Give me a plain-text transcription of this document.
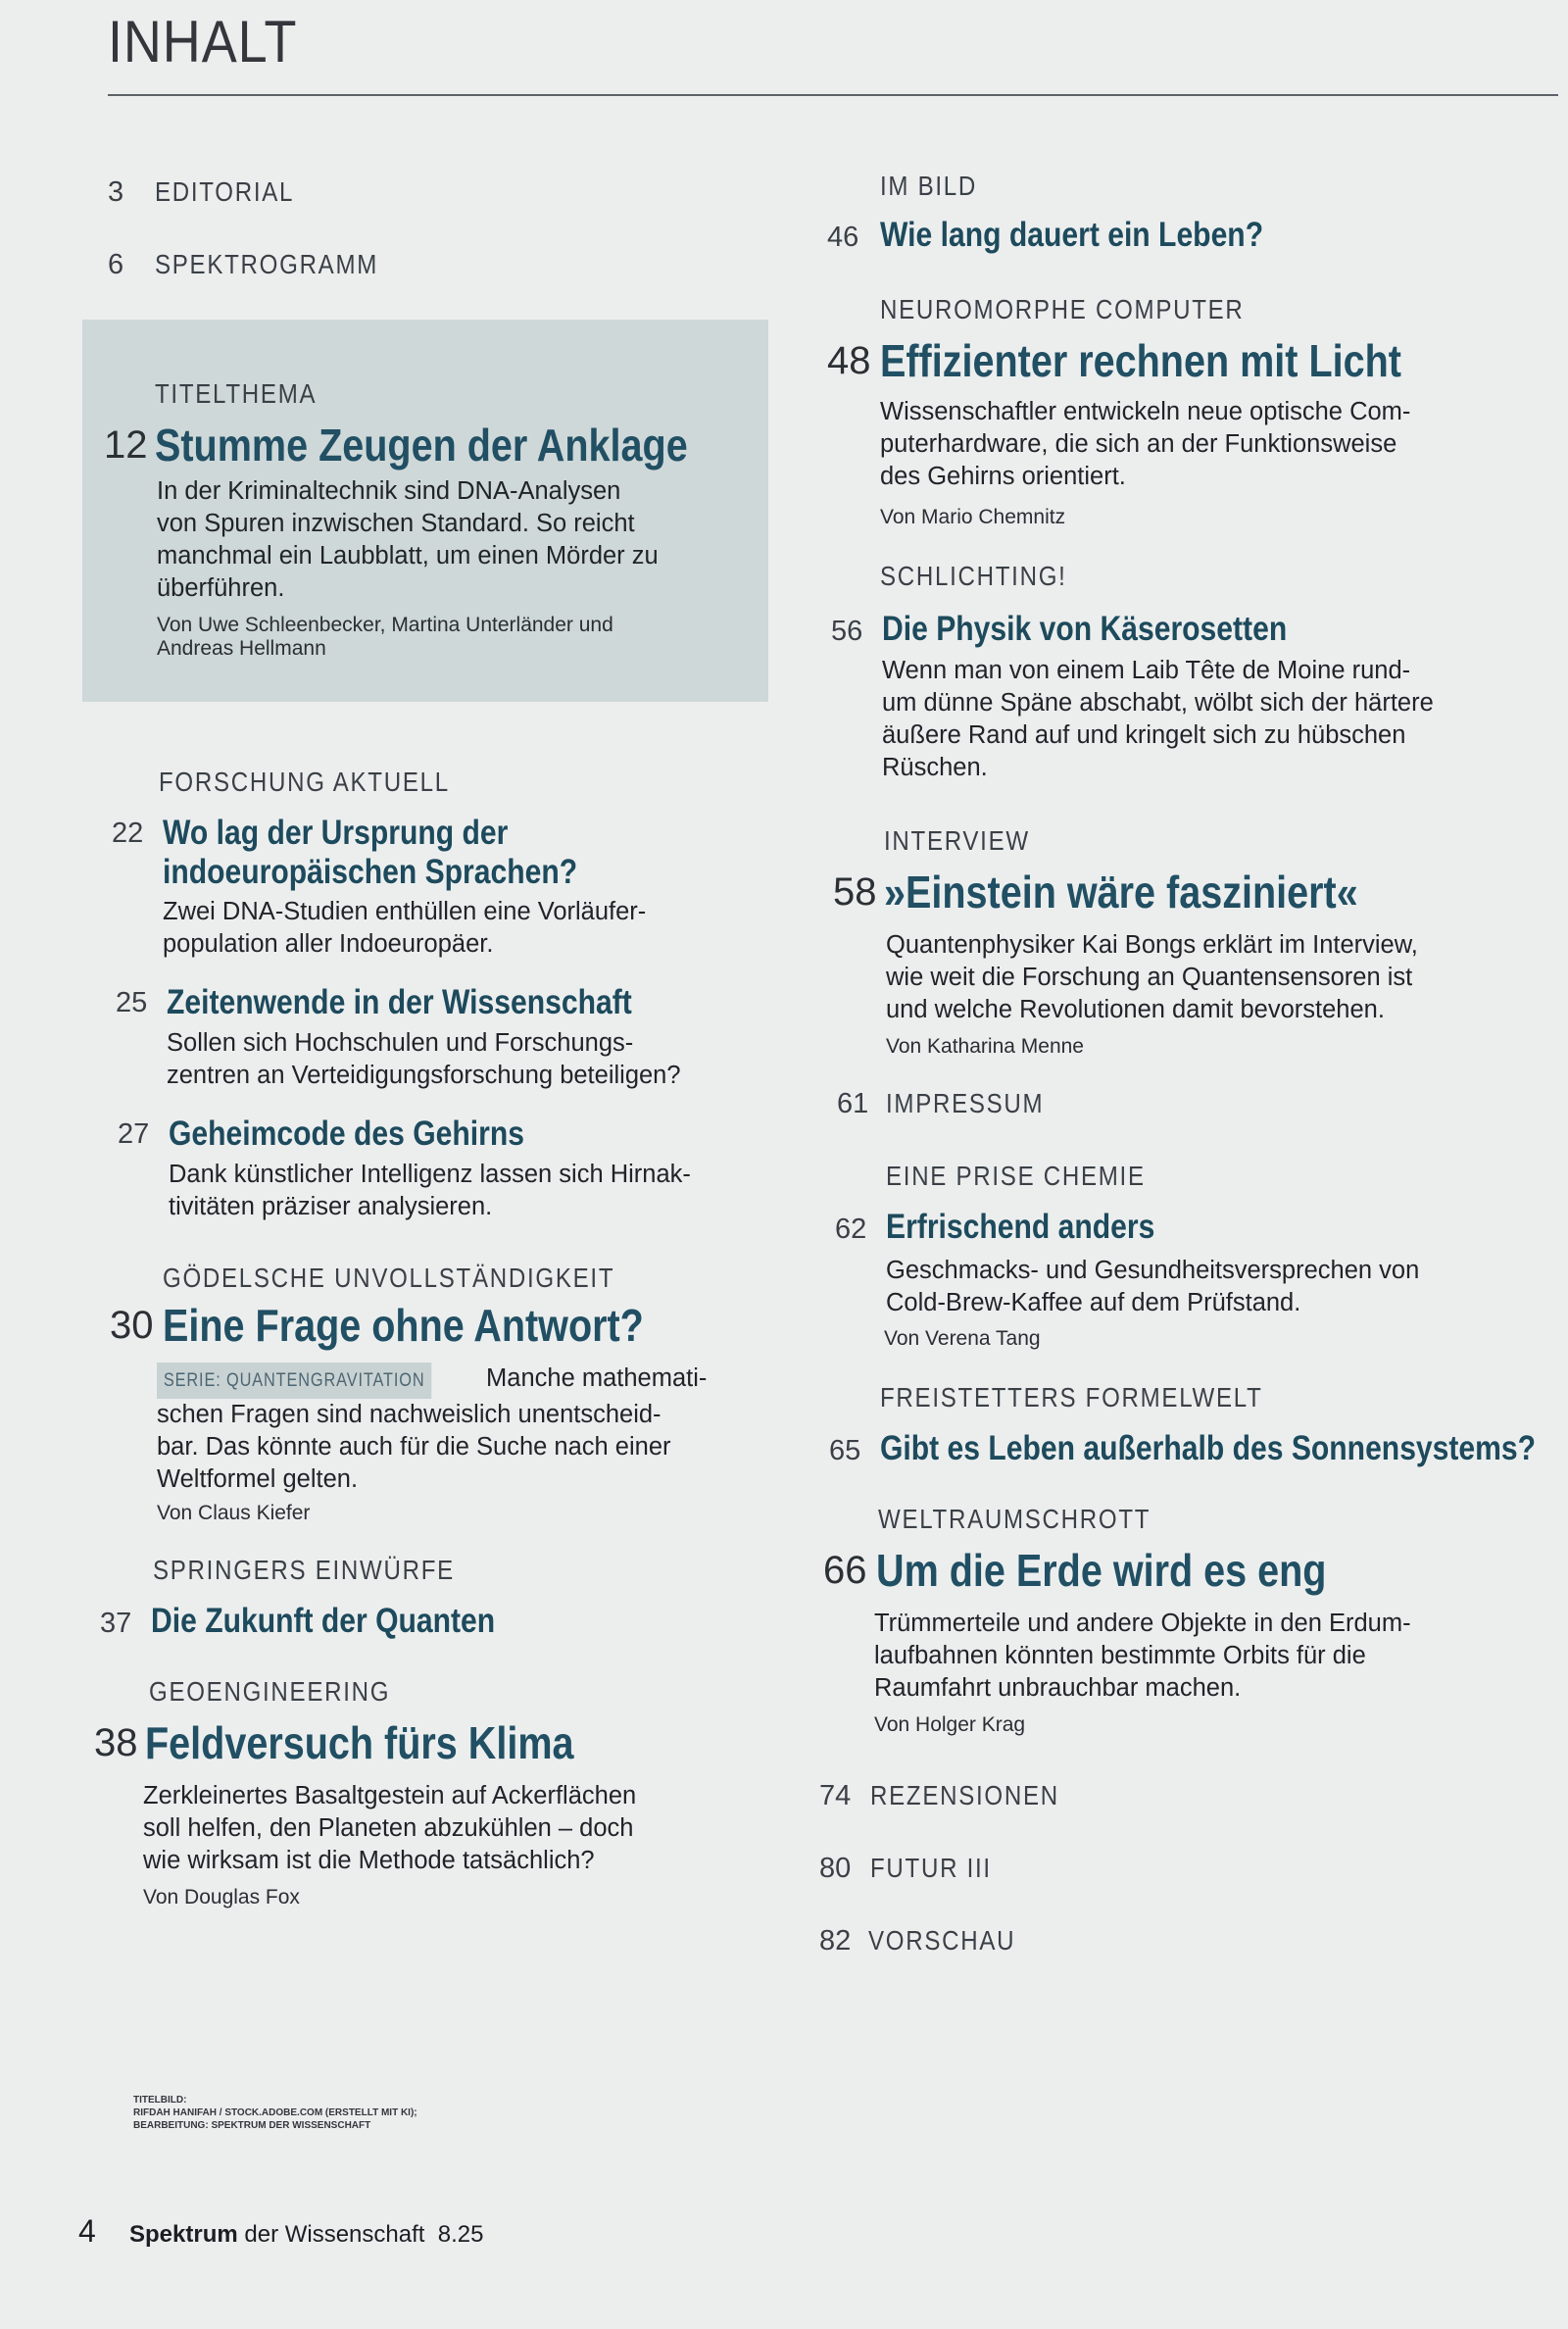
INHALT
3 EDITORIAL
6 SPEKTROGRAMM
TITELTHEMA
12 Stumme Zeugen der Anklage
In der Kriminaltechnik sind DNA-Analysen
von Spuren inzwischen Standard. So reicht
manchmal ein Laubblatt, um einen Mörder zu
überführen.
Von Uwe Schleenbecker, Martina Unterländer und
Andreas Hellmann
FORSCHUNG AKTUELL
22 Wo lag der Ursprung der
indoeuropäischen Sprachen?
Zwei DNA-Studien enthüllen eine Vorläufer-
population aller Indoeuropäer.
25 Zeitenwende in der Wissenschaft
Sollen sich Hochschulen und Forschungs-
zentren an Verteidigungsforschung beteiligen?
27 Geheimcode des Gehirns
Dank künstlicher Intelligenz lassen sich Hirnak-
tivitäten präziser analysieren.
GÖDELSCHE UNVOLLSTÄNDIGKEIT
30 Eine Frage ohne Antwort?
SERIE: QUANTENGRAVITATION Manche mathemati-
schen Fragen sind nachweislich unentscheid-
bar. Das könnte auch für die Suche nach einer
Weltformel gelten.
Von Claus Kiefer
SPRINGERS EINWÜRFE
37 Die Zukunft der Quanten
GEOENGINEERING
38 Feldversuch fürs Klima
Zerkleinertes Basaltgestein auf Ackerflächen
soll helfen, den Planeten abzukühlen – doch
wie wirksam ist die Methode tatsächlich?
Von Douglas Fox
IM BILD
46 Wie lang dauert ein Leben?
NEUROMORPHE COMPUTER
48 Effizienter rechnen mit Licht
Wissenschaftler entwickeln neue optische Com-
puterhardware, die sich an der Funktionsweise
des Gehirns orientiert.
Von Mario Chemnitz
SCHLICHTING!
56 Die Physik von Käserosetten
Wenn man von einem Laib Tête de Moine rund-
um dünne Späne abschabt, wölbt sich der härtere
äußere Rand auf und kringelt sich zu hübschen
Rüschen.
INTERVIEW
58 »Einstein wäre fasziniert«
Quantenphysiker Kai Bongs erklärt im Interview,
wie weit die Forschung an Quantensensoren ist
und welche Revolutionen damit bevorstehen.
Von Katharina Menne
61 IMPRESSUM
EINE PRISE CHEMIE
62 Erfrischend anders
Geschmacks- und Gesundheitsversprechen von
Cold-Brew-Kaffee auf dem Prüfstand.
Von Verena Tang
FREISTETTERS FORMELWELT
65 Gibt es Leben außerhalb des Sonnensystems?
WELTRAUMSCHROTT
66 Um die Erde wird es eng
Trümmerteile und andere Objekte in den Erdum-
laufbahnen könnten bestimmte Orbits für die
Raumfahrt unbrauchbar machen.
Von Holger Krag
74 REZENSIONEN
80 FUTUR III
82 VORSCHAU
TITELBILD:
RIFDAH HANIFAH / STOCK.ADOBE.COM (ERSTELLT MIT KI);
BEARBEITUNG: SPEKTRUM DER WISSENSCHAFT
4 Spektrum der Wissenschaft 8.25
